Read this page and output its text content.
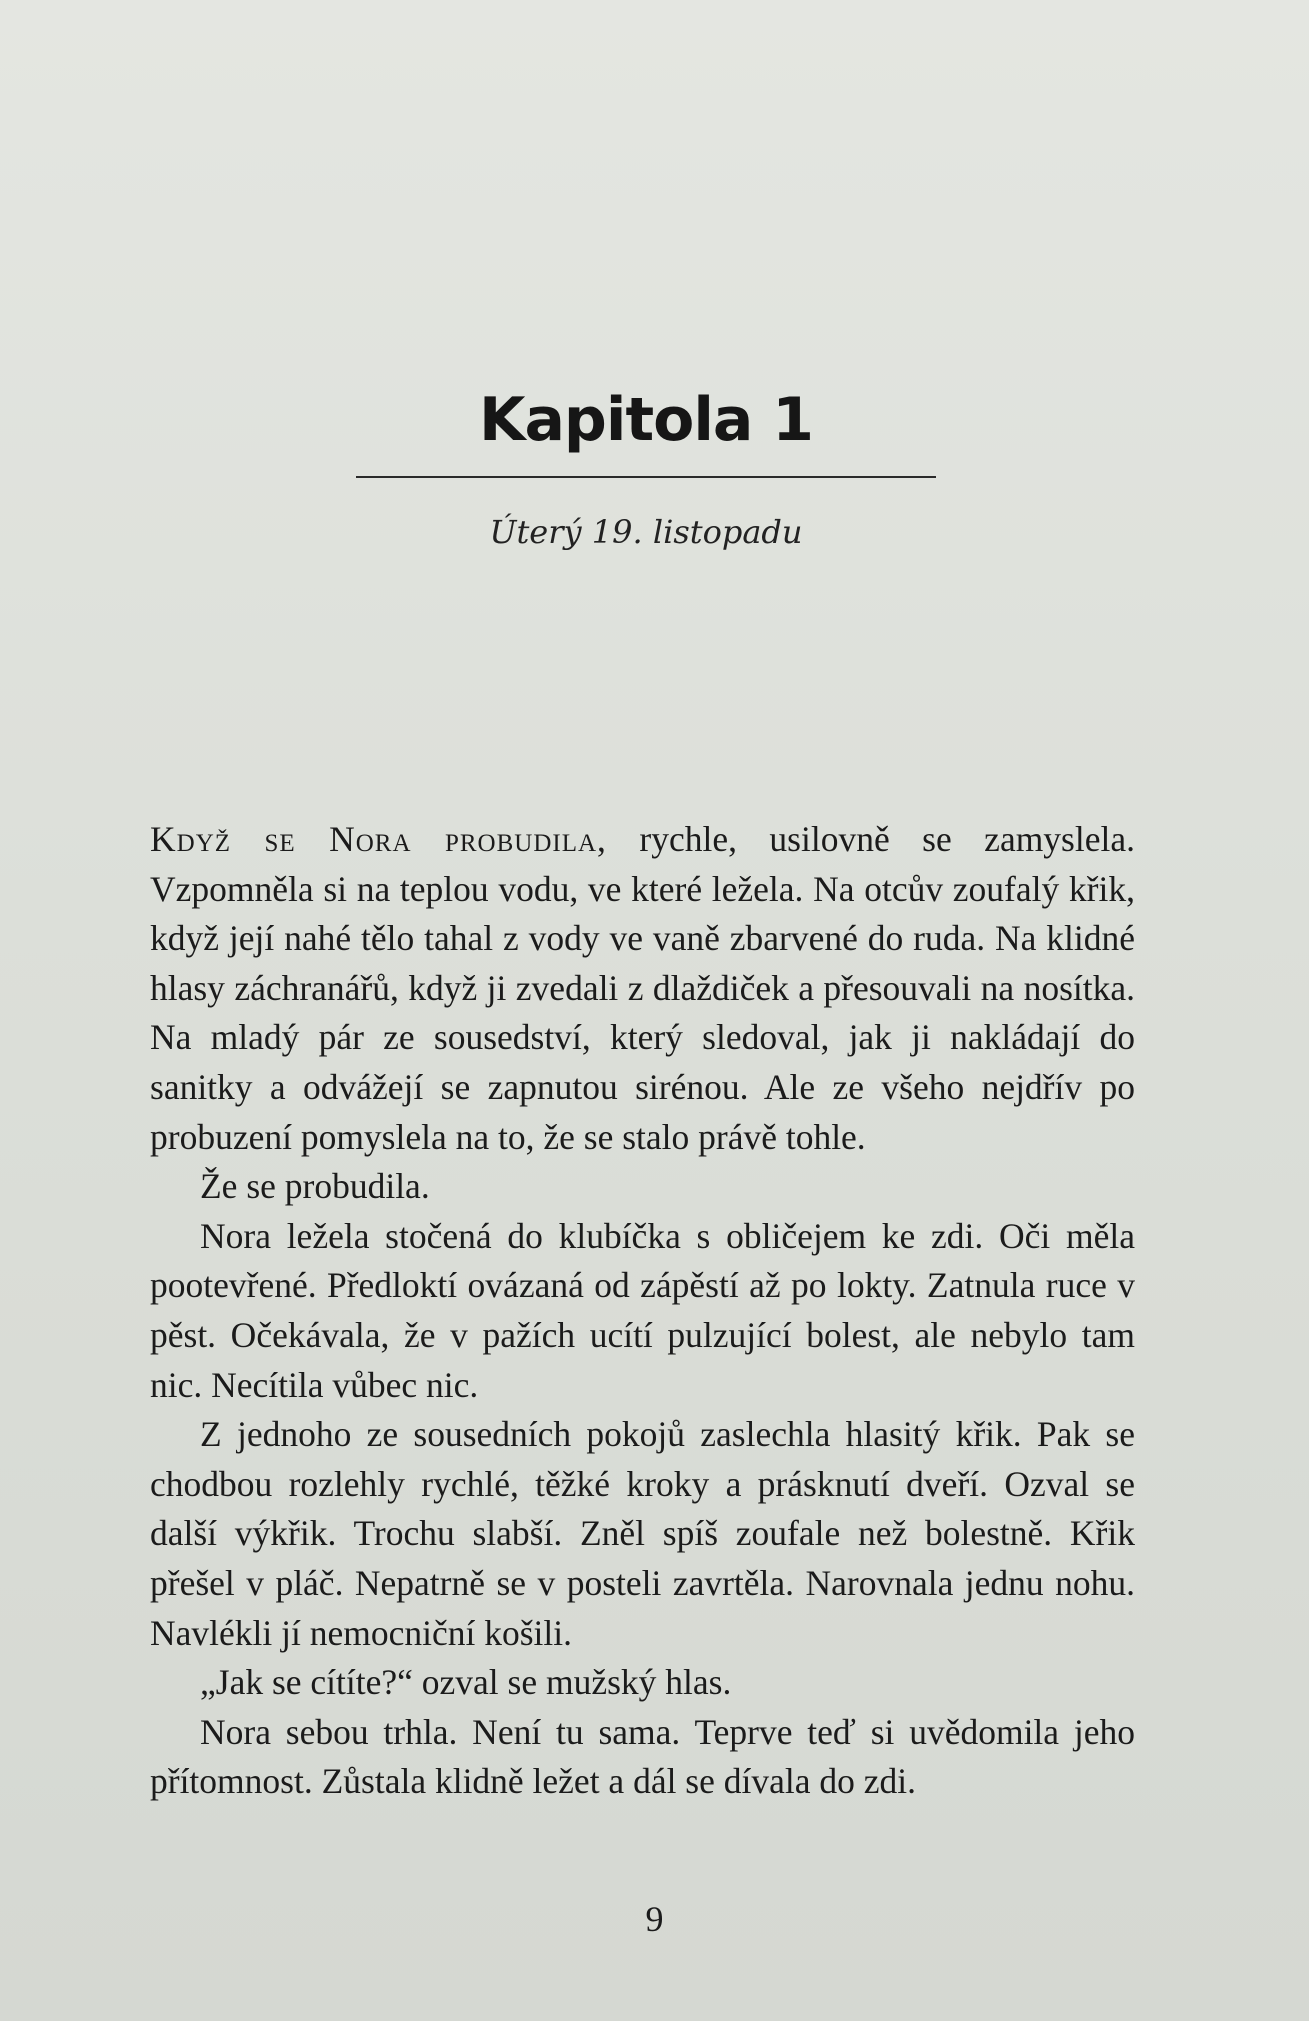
Kapitola 1
Úterý 19. listopadu

Když se Nora probudila, rychle, usilovně se zamyslela. Vzpomněla si na teplou vodu, ve které ležela. Na otcův zoufalý křik, když její nahé tělo tahal z vody ve vaně zbarvené do ruda. Na klidné hlasy záchranářů, když ji zvedali z dlaždiček a přesouvali na nosítka. Na mladý pár ze sousedství, který sledoval, jak ji nakládají do sanitky a odvážejí se zapnutou sirénou. Ale ze všeho nejdřív po probuzení pomyslela na to, že se stalo právě tohle.

Že se probudila.

Nora ležela stočená do klubíčka s obličejem ke zdi. Oči měla pootevřené. Předloktí ovázaná od zápěstí až po lokty. Zatnula ruce v pěst. Očekávala, že v pažích ucítí pulzující bolest, ale nebylo tam nic. Necítila vůbec nic.

Z jednoho ze sousedních pokojů zaslechla hlasitý křik. Pak se chodbou rozlehly rychlé, těžké kroky a prásknutí dveří. Ozval se další výkřik. Trochu slabší. Zněl spíš zoufale než bolestně. Křik přešel v pláč. Nepatrně se v posteli zavrtěla. Narovnala jednu nohu. Navlékli jí nemocniční košili.

„Jak se cítíte?“ ozval se mužský hlas.

Nora sebou trhla. Není tu sama. Teprve teď si uvědomila jeho přítomnost. Zůstala klidně ležet a dál se dívala do zdi.

9
